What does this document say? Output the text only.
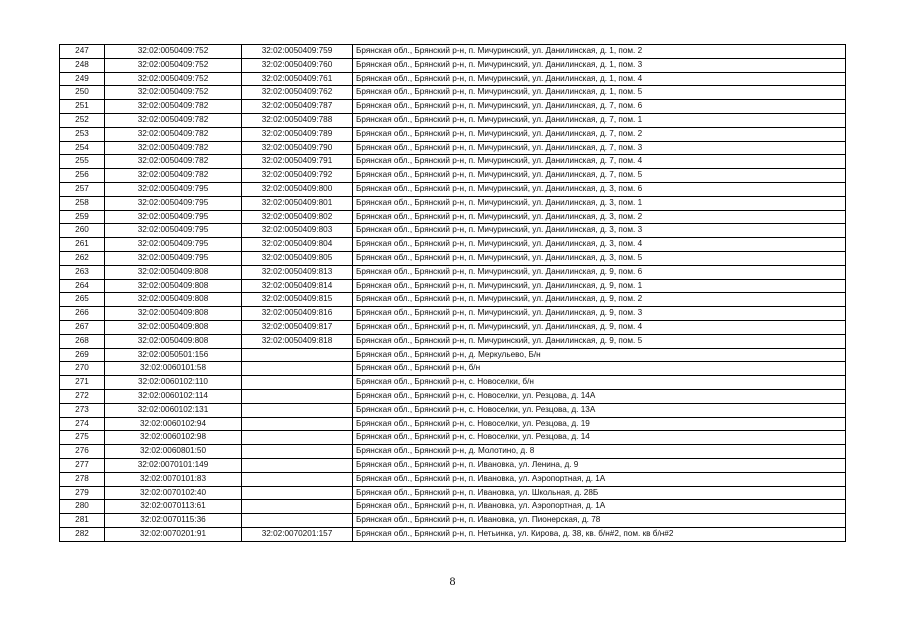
247	32:02:0050409:752	32:02:0050409:759	Брянская обл., Брянский р-н, п. Мичуринский, ул. Данилинская, д. 1, пом. 2
248	32:02:0050409:752	32:02:0050409:760	Брянская обл., Брянский р-н, п. Мичуринский, ул. Данилинская, д. 1, пом. 3
249	32:02:0050409:752	32:02:0050409:761	Брянская обл., Брянский р-н, п. Мичуринский, ул. Данилинская, д. 1, пом. 4
250	32:02:0050409:752	32:02:0050409:762	Брянская обл., Брянский р-н, п. Мичуринский, ул. Данилинская, д. 1, пом. 5
251	32:02:0050409:782	32:02:0050409:787	Брянская обл., Брянский р-н, п. Мичуринский, ул. Данилинская, д. 7, пом. 6
252	32:02:0050409:782	32:02:0050409:788	Брянская обл., Брянский р-н, п. Мичуринский, ул. Данилинская, д. 7, пом. 1
253	32:02:0050409:782	32:02:0050409:789	Брянская обл., Брянский р-н, п. Мичуринский, ул. Данилинская, д. 7, пом. 2
254	32:02:0050409:782	32:02:0050409:790	Брянская обл., Брянский р-н, п. Мичуринский, ул. Данилинская, д. 7, пом. 3
255	32:02:0050409:782	32:02:0050409:791	Брянская обл., Брянский р-н, п. Мичуринский, ул. Данилинская, д. 7, пом. 4
256	32:02:0050409:782	32:02:0050409:792	Брянская обл., Брянский р-н, п. Мичуринский, ул. Данилинская, д. 7, пом. 5
257	32:02:0050409:795	32:02:0050409:800	Брянская обл., Брянский р-н, п. Мичуринский, ул. Данилинская, д. 3, пом. 6
258	32:02:0050409:795	32:02:0050409:801	Брянская обл., Брянский р-н, п. Мичуринский, ул. Данилинская, д. 3, пом. 1
259	32:02:0050409:795	32:02:0050409:802	Брянская обл., Брянский р-н, п. Мичуринский, ул. Данилинская, д. 3, пом. 2
260	32:02:0050409:795	32:02:0050409:803	Брянская обл., Брянский р-н, п. Мичуринский, ул. Данилинская, д. 3, пом. 3
261	32:02:0050409:795	32:02:0050409:804	Брянская обл., Брянский р-н, п. Мичуринский, ул. Данилинская, д. 3, пом. 4
262	32:02:0050409:795	32:02:0050409:805	Брянская обл., Брянский р-н, п. Мичуринский, ул. Данилинская, д. 3, пом. 5
263	32:02:0050409:808	32:02:0050409:813	Брянская обл., Брянский р-н, п. Мичуринский, ул. Данилинская, д. 9, пом. 6
264	32:02:0050409:808	32:02:0050409:814	Брянская обл., Брянский р-н, п. Мичуринский, ул. Данилинская, д. 9, пом. 1
265	32:02:0050409:808	32:02:0050409:815	Брянская обл., Брянский р-н, п. Мичуринский, ул. Данилинская, д. 9, пом. 2
266	32:02:0050409:808	32:02:0050409:816	Брянская обл., Брянский р-н, п. Мичуринский, ул. Данилинская, д. 9, пом. 3
267	32:02:0050409:808	32:02:0050409:817	Брянская обл., Брянский р-н, п. Мичуринский, ул. Данилинская, д. 9, пом. 4
268	32:02:0050409:808	32:02:0050409:818	Брянская обл., Брянский р-н, п. Мичуринский, ул. Данилинская, д. 9, пом. 5
269	32:02:0050501:156		Брянская обл., Брянский р-н, д. Меркульево, Б/н
270	32:02:0060101:58		Брянская обл., Брянский р-н, б/н
271	32:02:0060102:110		Брянская обл., Брянский р-н, с. Новоселки, б/н
272	32:02:0060102:114		Брянская обл., Брянский р-н, с. Новоселки, ул. Резцова, д. 14А
273	32:02:0060102:131		Брянская обл., Брянский р-н, с. Новоселки, ул. Резцова, д. 13А
274	32:02:0060102:94		Брянская обл., Брянский р-н, с. Новоселки, ул. Резцова, д. 19
275	32:02:0060102:98		Брянская обл., Брянский р-н, с. Новоселки, ул. Резцова, д. 14
276	32:02:0060801:50		Брянская обл., Брянский р-н, д. Молотино, д. 8
277	32:02:0070101:149		Брянская обл., Брянский р-н, п. Ивановка, ул. Ленина, д. 9
278	32:02:0070101:83		Брянская обл., Брянский р-н, п. Ивановка, ул. Аэропортная, д. 1А
279	32:02:0070102:40		Брянская обл., Брянский р-н, п. Ивановка, ул. Школьная, д. 28Б
280	32:02:0070113:61		Брянская обл., Брянский р-н, п. Ивановка, ул. Аэропортная, д. 1А
281	32:02:0070115:36		Брянская обл., Брянский р-н, п. Ивановка, ул. Пионерская, д. 78
282	32:02:0070201:91	32:02:0070201:157	Брянская обл., Брянский р-н, п. Нетьинка, ул. Кирова, д. 38, кв. б/н#2, пом. кв б/н#2
8
